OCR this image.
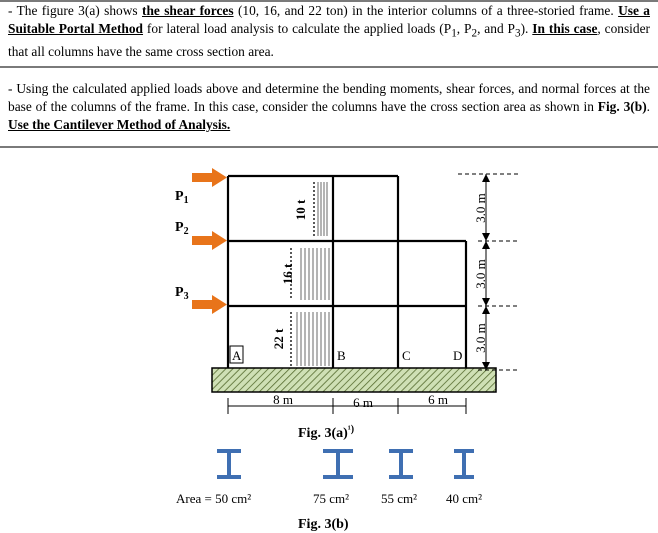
- The figure 3(a) shows the shear forces (10, 16, and 22 ton) in the interior columns of a three-storied frame. Use a Suitable Portal Method for lateral load analysis to calculate the applied loads ($P_1$, $P_2$, and $P_3$). In this case, consider that all columns have the same cross section area.
- Using the calculated applied loads above and determine the bending moments, shear forces, and normal forces at the base of the columns of the frame. In this case, consider the columns have the cross section area as shown in Fig. 3(b). Use the Cantilever Method of Analysis.
10 t
16 t
22 t
$P_1$
$P_2$
$P_3$
A	B	C	D
8 m	6 m	6 m
3.0 m
3.0 m
3.0 m
Fig. $3(a)^{^1)}$
Area = 50 cm²	75 cm² 55 cm² 40 cm²
Fig. 3(b)
